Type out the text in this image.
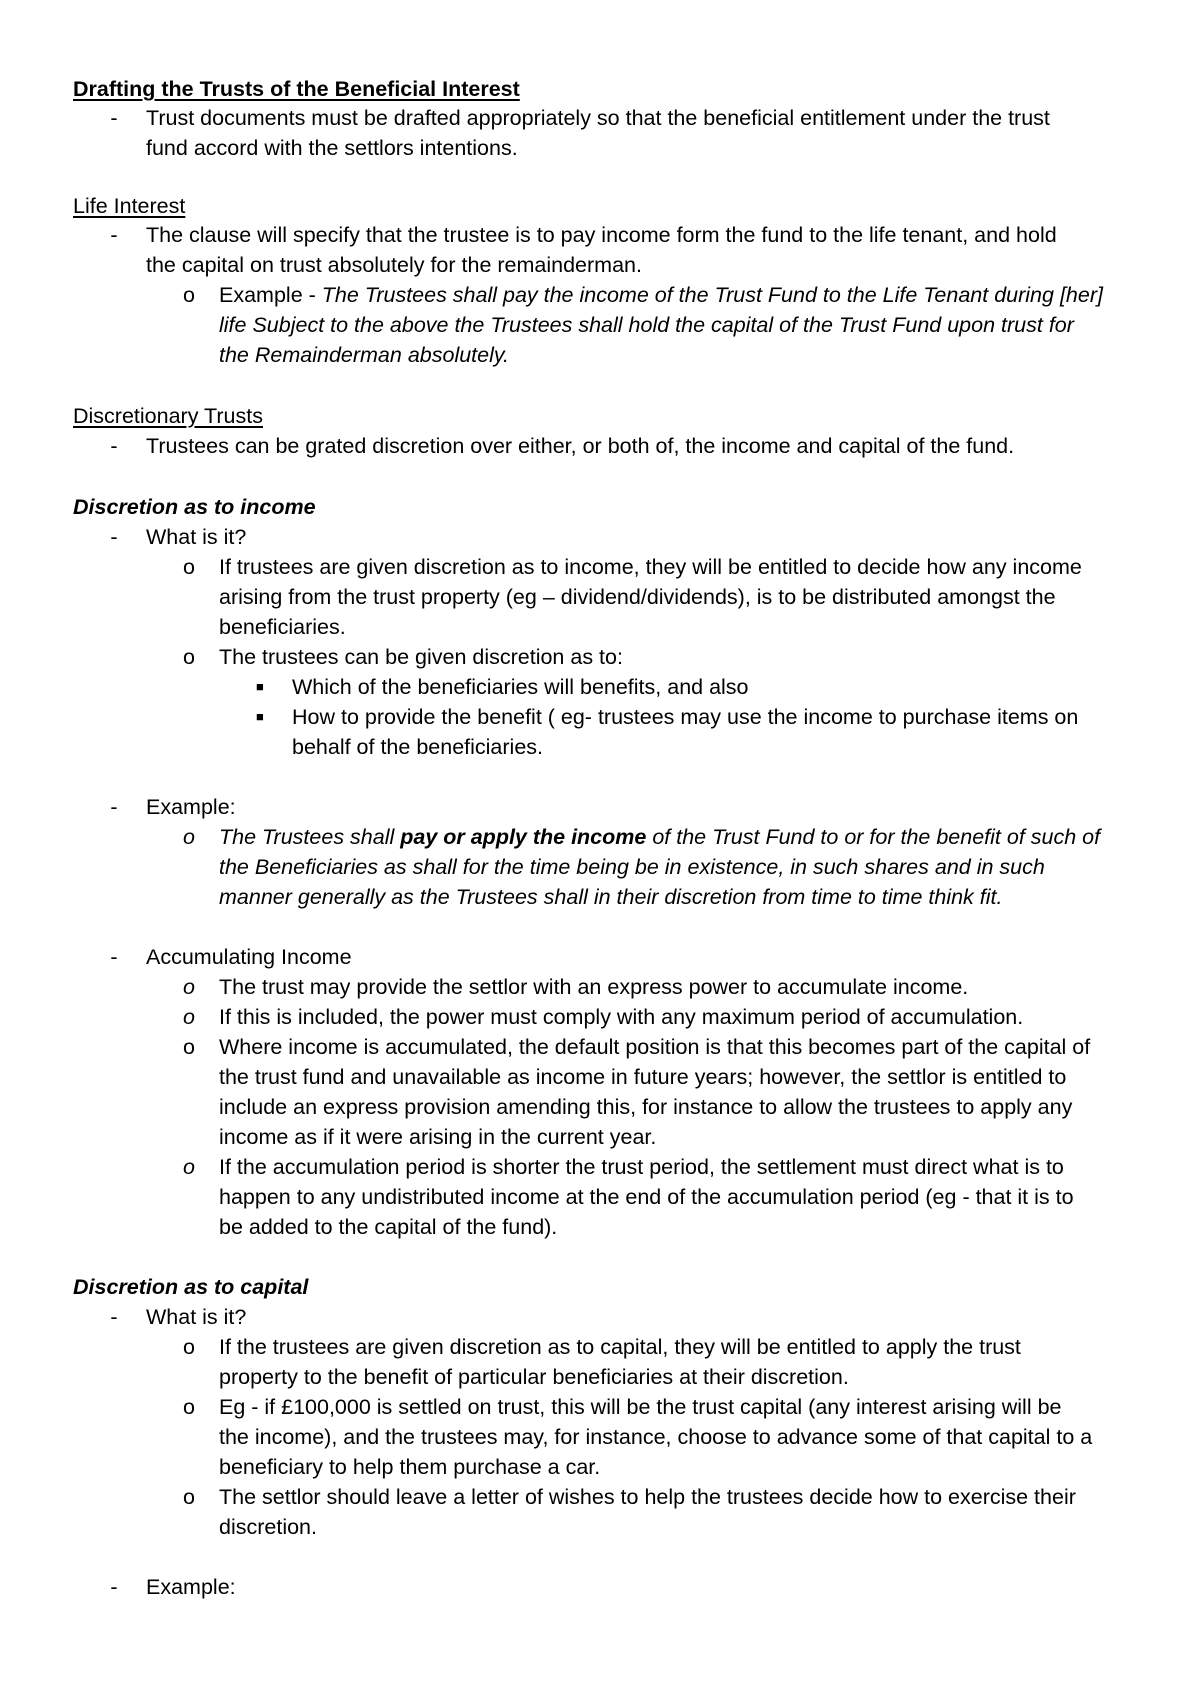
Drafting the Trusts of the Beneficial Interest
- Trust documents must be drafted appropriately so that the beneficial entitlement under the trust
fund accord with the settlors intentions.
Life Interest
- The clause will specify that the trustee is to pay income form the fund to the life tenant, and hold
the capital on trust absolutely for the remainderman.
o Example - The Trustees shall pay the income of the Trust Fund to the Life Tenant during [her]
life Subject to the above the Trustees shall hold the capital of the Trust Fund upon trust for
the Remainderman absolutely.
Discretionary Trusts
- Trustees can be grated discretion over either, or both of, the income and capital of the fund.
Discretion as to income
- What is it?
o If trustees are given discretion as to income, they will be entitled to decide how any income
arising from the trust property (eg – dividend/dividends), is to be distributed amongst the
beneficiaries.
o The trustees can be given discretion as to:
■ Which of the beneficiaries will benefits, and also
■ How to provide the benefit ( eg- trustees may use the income to purchase items on
behalf of the beneficiaries.
- Example:
o The Trustees shall pay or apply the income of the Trust Fund to or for the benefit of such of
the Beneficiaries as shall for the time being be in existence, in such shares and in such
manner generally as the Trustees shall in their discretion from time to time think fit.
- Accumulating Income
o The trust may provide the settlor with an express power to accumulate income.
o If this is included, the power must comply with any maximum period of accumulation.
o Where income is accumulated, the default position is that this becomes part of the capital of
the trust fund and unavailable as income in future years; however, the settlor is entitled to
include an express provision amending this, for instance to allow the trustees to apply any
income as if it were arising in the current year.
o If the accumulation period is shorter the trust period, the settlement must direct what is to
happen to any undistributed income at the end of the accumulation period (eg - that it is to
be added to the capital of the fund).
Discretion as to capital
- What is it?
o If the trustees are given discretion as to capital, they will be entitled to apply the trust
property to the benefit of particular beneficiaries at their discretion.
o Eg - if £100,000 is settled on trust, this will be the trust capital (any interest arising will be
the income), and the trustees may, for instance, choose to advance some of that capital to a
beneficiary to help them purchase a car.
o The settlor should leave a letter of wishes to help the trustees decide how to exercise their
discretion.
- Example:
